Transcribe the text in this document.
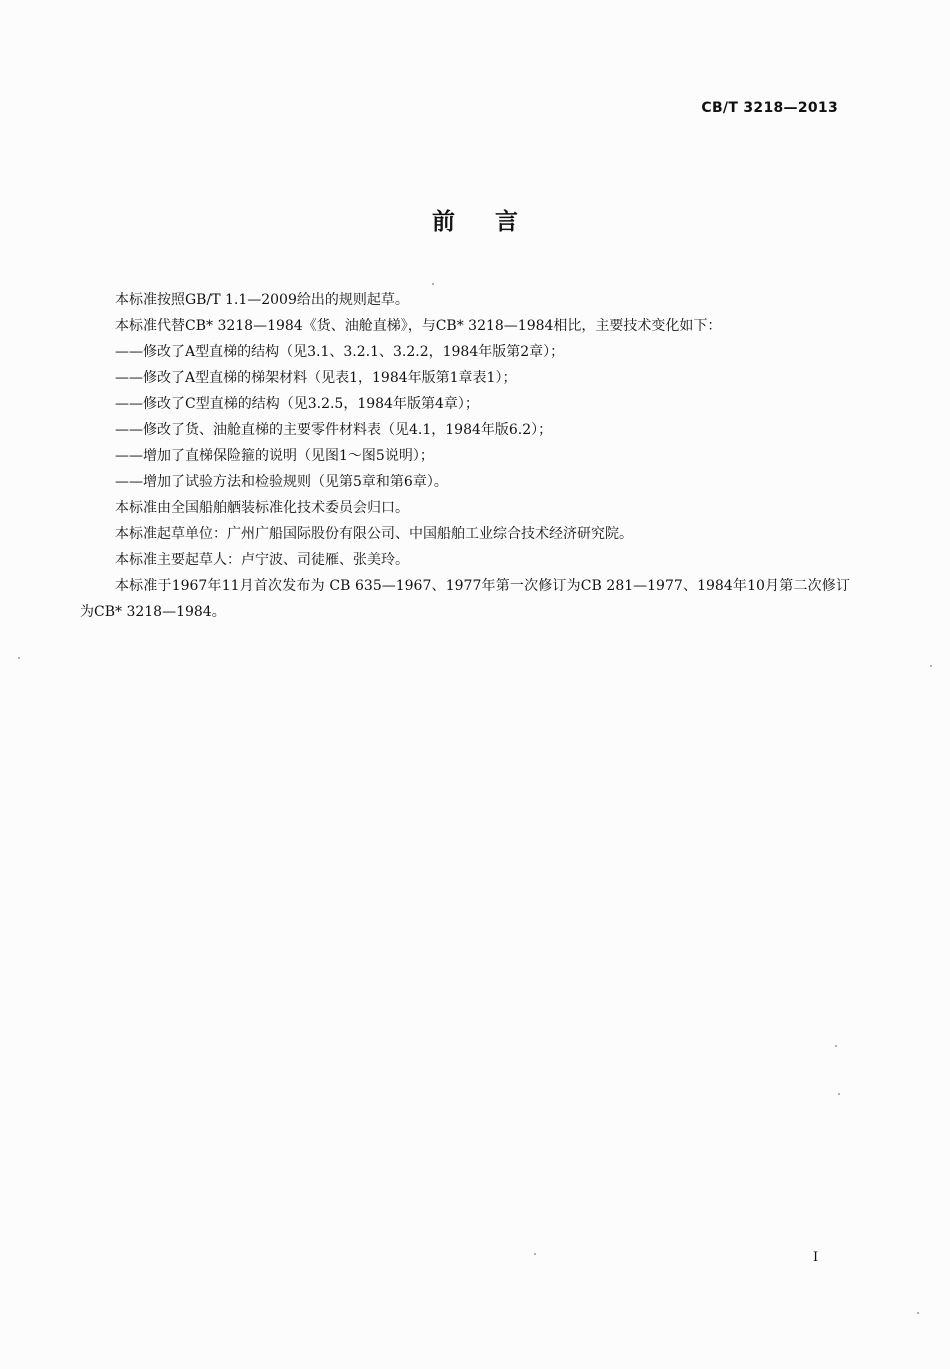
CB/T 3218—2013
前言

本标准按照GB/T 1.1—2009给出的规则起草。

本标准代替CB* 3218—1984《货、油舱直梯》，与CB* 3218—1984相比，主要技术变化如下：

——修改了A型直梯的结构（见3.1、3.2.1、3.2.2，1984年版第2章）；

——修改了A型直梯的梯架材料（见表1，1984年版第1章表1）；

——修改了C型直梯的结构（见3.2.5，1984年版第4章）；

——修改了货、油舱直梯的主要零件材料表（见4.1，1984年版6.2）；

——增加了直梯保险箍的说明（见图1～图5说明）；

——增加了试验方法和检验规则（见第5章和第6章）。

本标准由全国船舶舾装标准化技术委员会归口。

本标准起草单位：广州广船国际股份有限公司、中国船舶工业综合技术经济研究院。

本标准主要起草人：卢宁波、司徒雁、张美玲。

本标准于1967年11月首次发布为 CB 635—1967、1977年第一次修订为CB 281—1977、1984年10月第二次修订为CB* 3218—1984。

I
